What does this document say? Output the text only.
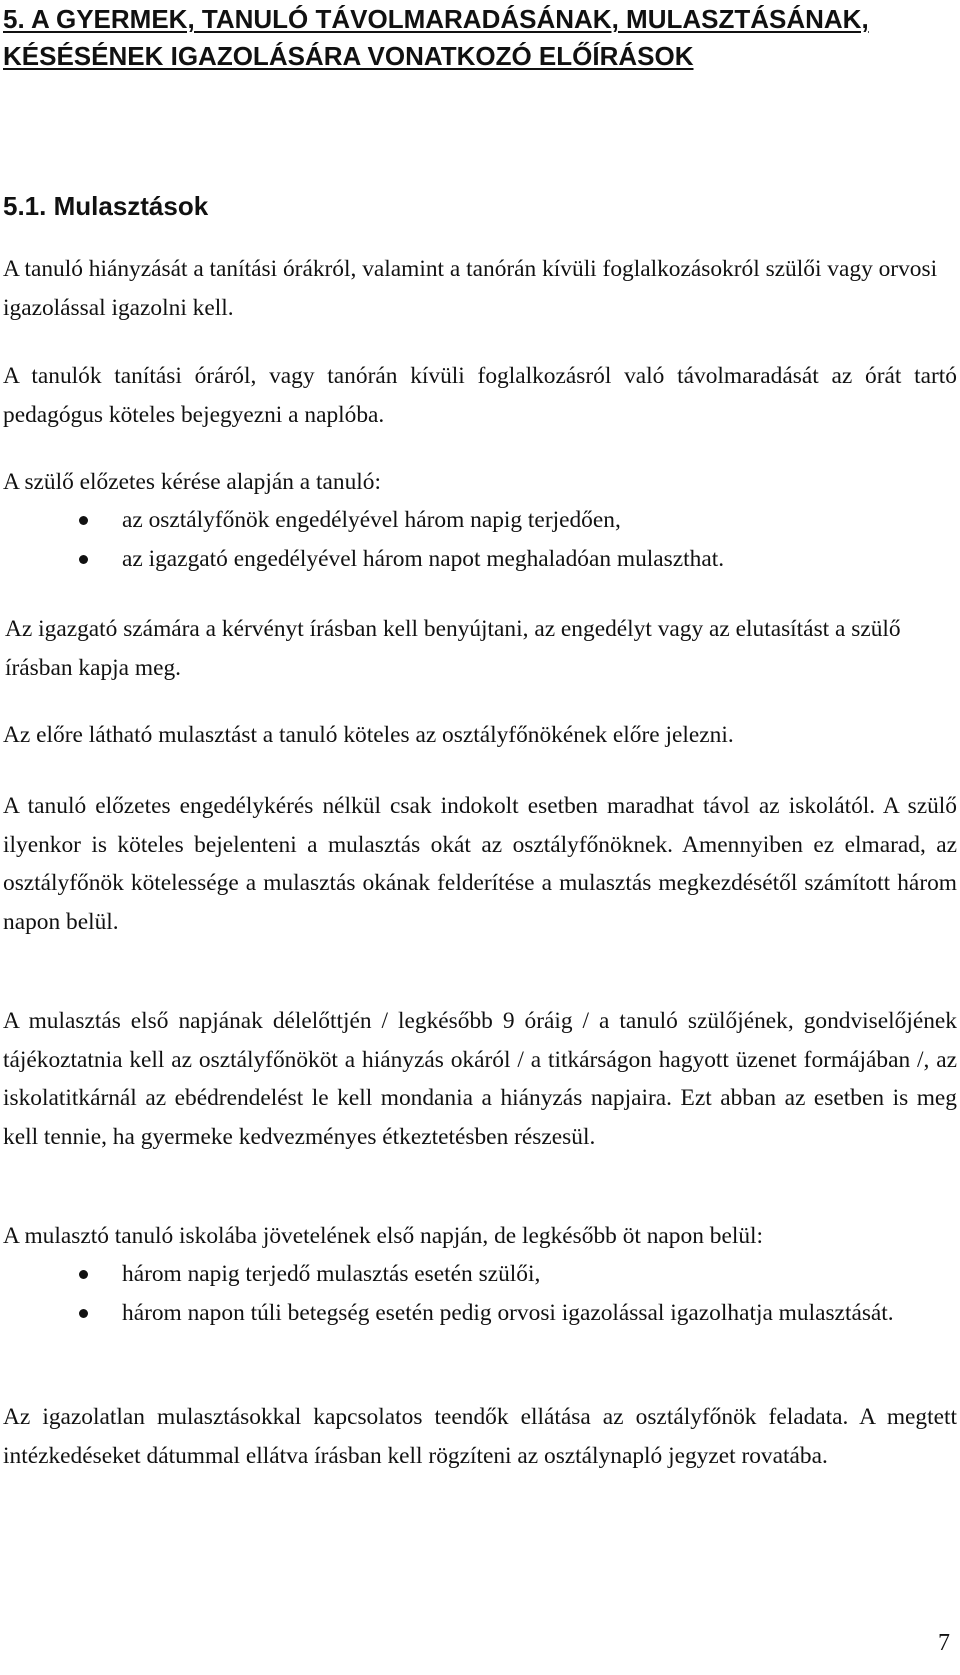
5. A GYERMEK, TANULÓ TÁVOLMARADÁSÁNAK, MULASZTÁSÁNAK, KÉSÉSÉNEK IGAZOLÁSÁRA VONATKOZÓ ELŐÍRÁSOK
5.1. Mulasztások

A tanuló hiányzását a tanítási órákról, valamint a tanórán kívüli foglalkozásokról szülői vagy orvosi igazolással igazolni kell.

A tanulók tanítási óráról, vagy tanórán kívüli foglalkozásról való távolmaradását az órát tartó pedagógus köteles bejegyezni a naplóba.

A szülő előzetes kérése alapján a tanuló:

az osztályfőnök engedélyével három napig terjedően,
az igazgató engedélyével három napot meghaladóan mulaszthat.

Az igazgató számára a kérvényt írásban kell benyújtani, az engedélyt vagy az elutasítást a szülő írásban kapja meg.

Az előre látható mulasztást a tanuló köteles az osztályfőnökének előre jelezni.

A tanuló előzetes engedélykérés nélkül csak indokolt esetben maradhat távol az iskolától. A szülő ilyenkor is köteles bejelenteni a mulasztás okát az osztályfőnöknek. Amennyiben ez elmarad, az osztályfőnök kötelessége a mulasztás okának felderítése a mulasztás megkezdésétől számított három napon belül.

A mulasztás első napjának délelőttjén / legkésőbb 9 óráig / a tanuló szülőjének, gondviselőjének tájékoztatnia kell az osztályfőnököt a hiányzás okáról / a titkárságon hagyott üzenet formájában /, az iskolatitkárnál az ebédrendelést le kell mondania a hiányzás napjaira. Ezt abban az esetben is meg kell tennie, ha gyermeke kedvezményes étkeztetésben részesül.

A mulasztó tanuló iskolába jövetelének első napján, de legkésőbb öt napon belül:

három napig terjedő mulasztás esetén szülői,
három napon túli betegség esetén pedig orvosi igazolással igazolhatja mulasztását.

Az igazolatlan mulasztásokkal kapcsolatos teendők ellátása az osztályfőnök feladata. A megtett intézkedéseket dátummal ellátva írásban kell rögzíteni az osztálynapló jegyzet rovatába.

7
